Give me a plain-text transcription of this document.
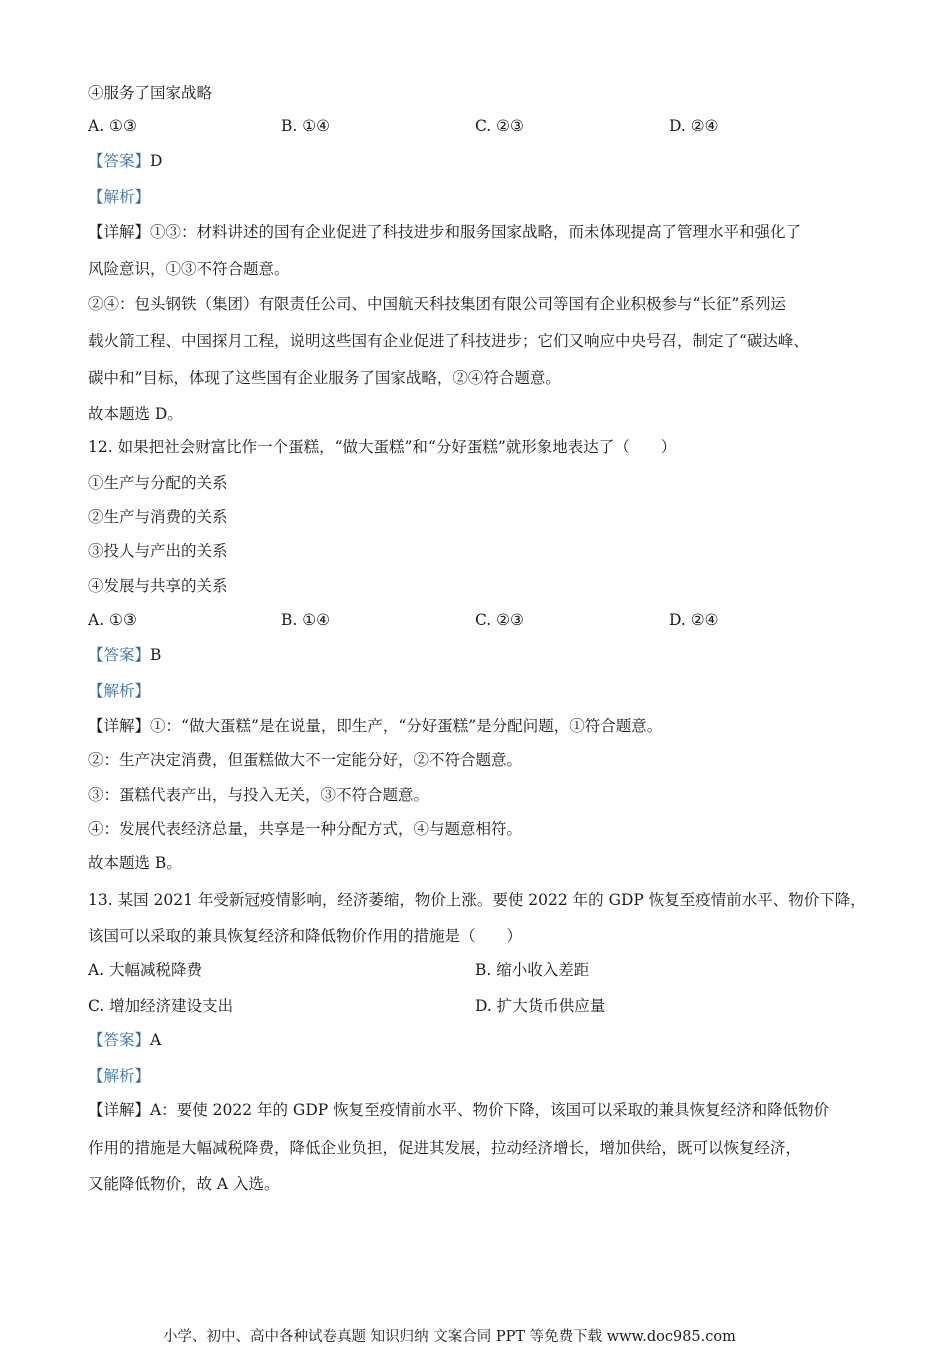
④服务了国家战略
A. ①③	B. ①④	C. ②③	D. ②④
【答案】D
【解析】
【详解】①③：材料讲述的国有企业促进了科技进步和服务国家战略，而未体现提高了管理水平和强化了
风险意识，①③不符合题意。
②④：包头钢铁（集团）有限责任公司、中国航天科技集团有限公司等国有企业积极参与“长征”系列运
载火箭工程、中国探月工程，说明这些国有企业促进了科技进步；它们又响应中央号召，制定了“碳达峰、
碳中和”目标，体现了这些国有企业服务了国家战略，②④符合题意。
故本题选 D。
12. 如果把社会财富比作一个蛋糕，“做大蛋糕”和“分好蛋糕”就形象地表达了（　　）
①生产与分配的关系
②生产与消费的关系
③投人与产出的关系
④发展与共享的关系
A. ①③	B. ①④	C. ②③	D. ②④
【答案】B
【解析】
【详解】①：“做大蛋糕”是在说量，即生产，“分好蛋糕”是分配问题，①符合题意。
②：生产决定消费，但蛋糕做大不一定能分好，②不符合题意。
③：蛋糕代表产出，与投入无关，③不符合题意。
④：发展代表经济总量，共享是一种分配方式，④与题意相符。
故本题选 B。
13. 某国 2021 年受新冠疫情影响，经济萎缩，物价上涨。要使 2022 年的 GDP 恢复至疫情前水平、物价下降，
该国可以采取的兼具恢复经济和降低物价作用的措施是（　　）
A. 大幅减税降费	B. 缩小收入差距
C. 增加经济建设支出	D. 扩大货币供应量
【答案】A
【解析】
【详解】A：要使 2022 年的 GDP 恢复至疫情前水平、物价下降，该国可以采取的兼具恢复经济和降低物价
作用的措施是大幅减税降费，降低企业负担，促进其发展，拉动经济增长，增加供给，既可以恢复经济，
又能降低物价，故 A 入选。
小学、初中、高中各种试卷真题 知识归纳 文案合同 PPT 等免费下载 www.doc985.com
